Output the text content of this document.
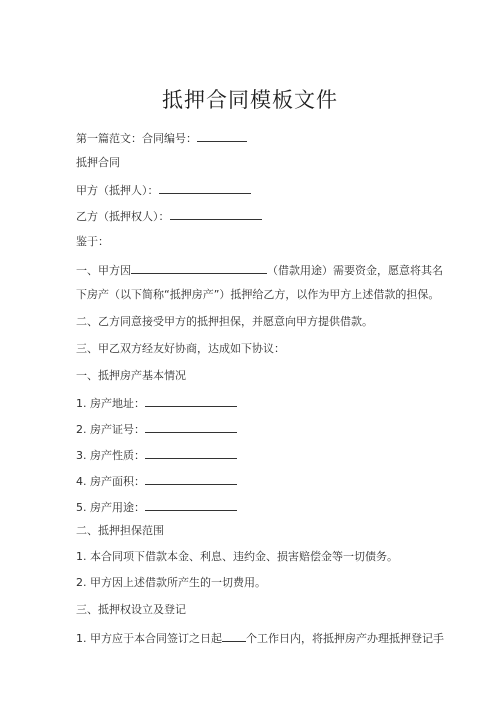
抵押合同模板文件
第一篇范文：合同编号：
抵押合同
甲方（抵押人）：
乙方（抵押权人）：
鉴于：
一、甲方因	（借款用途）需要资金，愿意将其名
下房产（以下简称“抵押房产”）抵押给乙方，以作为甲方上述借款的担保。
二、乙方同意接受甲方的抵押担保，并愿意向甲方提供借款。
三、甲乙双方经友好协商，达成如下协议：
一、抵押房产基本情况
1. 房产地址：
2. 房产证号：
3. 房产性质：
4. 房产面积：
5. 房产用途：
二、抵押担保范围
1. 本合同项下借款本金、利息、违约金、损害赔偿金等一切债务。
2. 甲方因上述借款所产生的一切费用。
三、抵押权设立及登记
1. 甲方应于本合同签订之日起 个工作日内，将抵押房产办理抵押登记手
